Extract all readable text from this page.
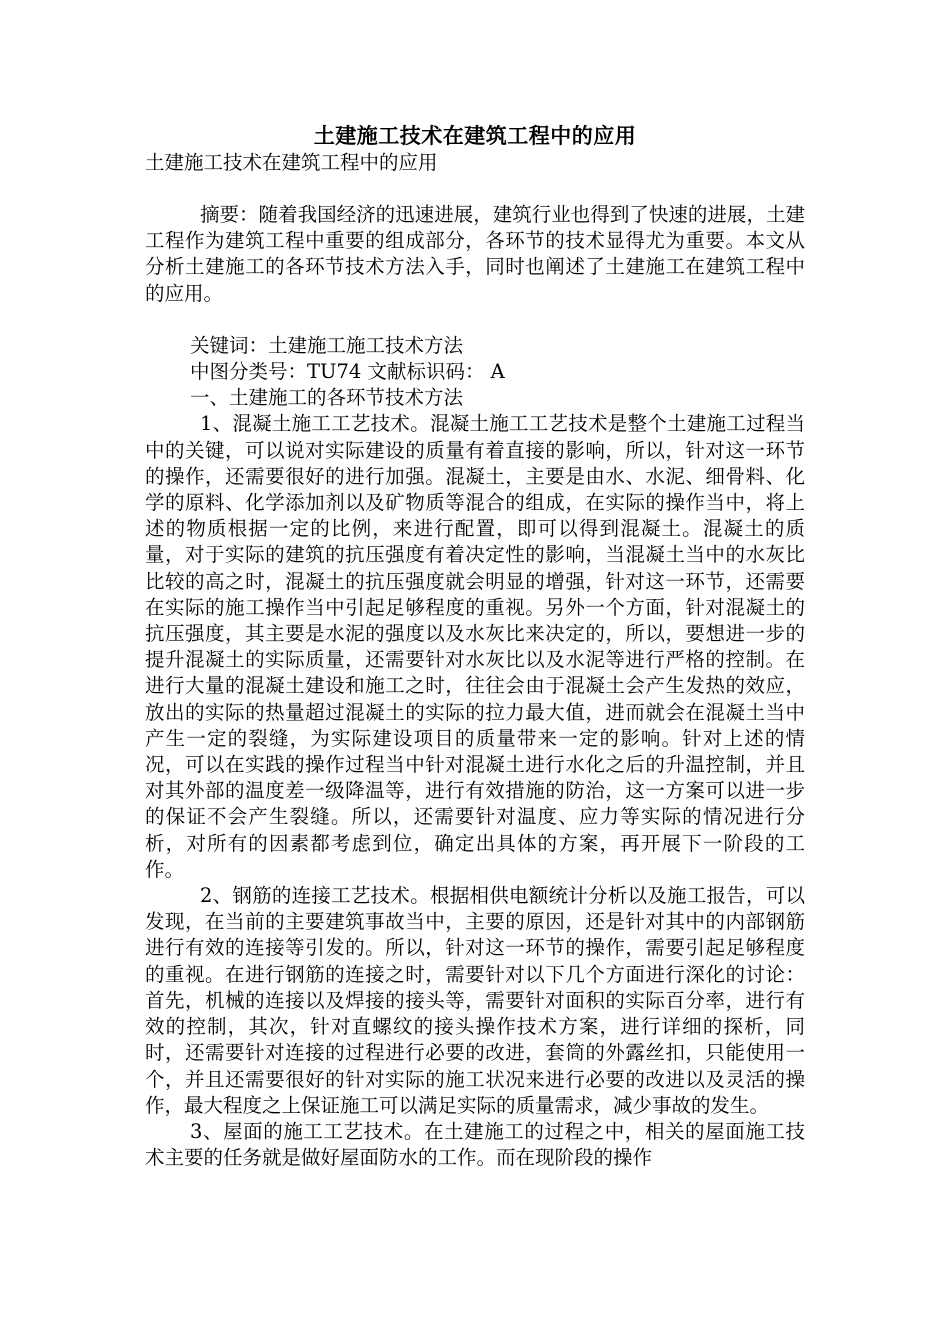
土建施工技术在建筑工程中的应用

土建施工技术在建筑工程中的应用

摘要：随着我国经济的迅速进展，建筑行业也得到了快速的进展，土建工程作为建筑工程中重要的组成部分，各环节的技术显得尤为重要。本文从分析土建施工的各环节技术方法入手，同时也阐述了土建施工在建筑工程中的应用。

关键词：土建施工施工技术方法

中图分类号：TU74 文献标识码： A

一、土建施工的各环节技术方法

1、混凝土施工工艺技术。混凝土施工工艺技术是整个土建施工过程当中的关键，可以说对实际建设的质量有着直接的影响，所以，针对这一环节的操作，还需要很好的进行加强。混凝土，主要是由水、水泥、细骨料、化学的原料、化学添加剂以及矿物质等混合的组成，在实际的操作当中，将上述的物质根据一定的比例，来进行配置，即可以得到混凝土。混凝土的质量，对于实际的建筑的抗压强度有着决定性的影响，当混凝土当中的水灰比比较的高之时，混凝土的抗压强度就会明显的增强，针对这一环节，还需要在实际的施工操作当中引起足够程度的重视。另外一个方面，针对混凝土的抗压强度，其主要是水泥的强度以及水灰比来决定的，所以，要想进一步的提升混凝土的实际质量，还需要针对水灰比以及水泥等进行严格的控制。在进行大量的混凝土建设和施工之时，往往会由于混凝土会产生发热的效应，放出的实际的热量超过混凝土的实际的拉力最大值，进而就会在混凝土当中产生一定的裂缝，为实际建设项目的质量带来一定的影响。针对上述的情况，可以在实践的操作过程当中针对混凝土进行水化之后的升温控制，并且对其外部的温度差一级降温等，进行有效措施的防治，这一方案可以进一步的保证不会产生裂缝。所以，还需要针对温度、应力等实际的情况进行分析，对所有的因素都考虑到位，确定出具体的方案，再开展下一阶段的工作。

2、钢筋的连接工艺技术。根据相供电额统计分析以及施工报告，可以发现，在当前的主要建筑事故当中，主要的原因，还是针对其中的内部钢筋进行有效的连接等引发的。所以，针对这一环节的操作，需要引起足够程度的重视。在进行钢筋的连接之时，需要针对以下几个方面进行深化的讨论：首先，机械的连接以及焊接的接头等，需要针对面积的实际百分率，进行有效的控制，其次，针对直螺纹的接头操作技术方案，进行详细的探析，同时，还需要针对连接的过程进行必要的改进，套筒的外露丝扣，只能使用一个，并且还需要很好的针对实际的施工状况来进行必要的改进以及灵活的操作，最大程度之上保证施工可以满足实际的质量需求，减少事故的发生。

3、屋面的施工工艺技术。在土建施工的过程之中，相关的屋面施工技术主要的任务就是做好屋面防水的工作。而在现阶段的操作
